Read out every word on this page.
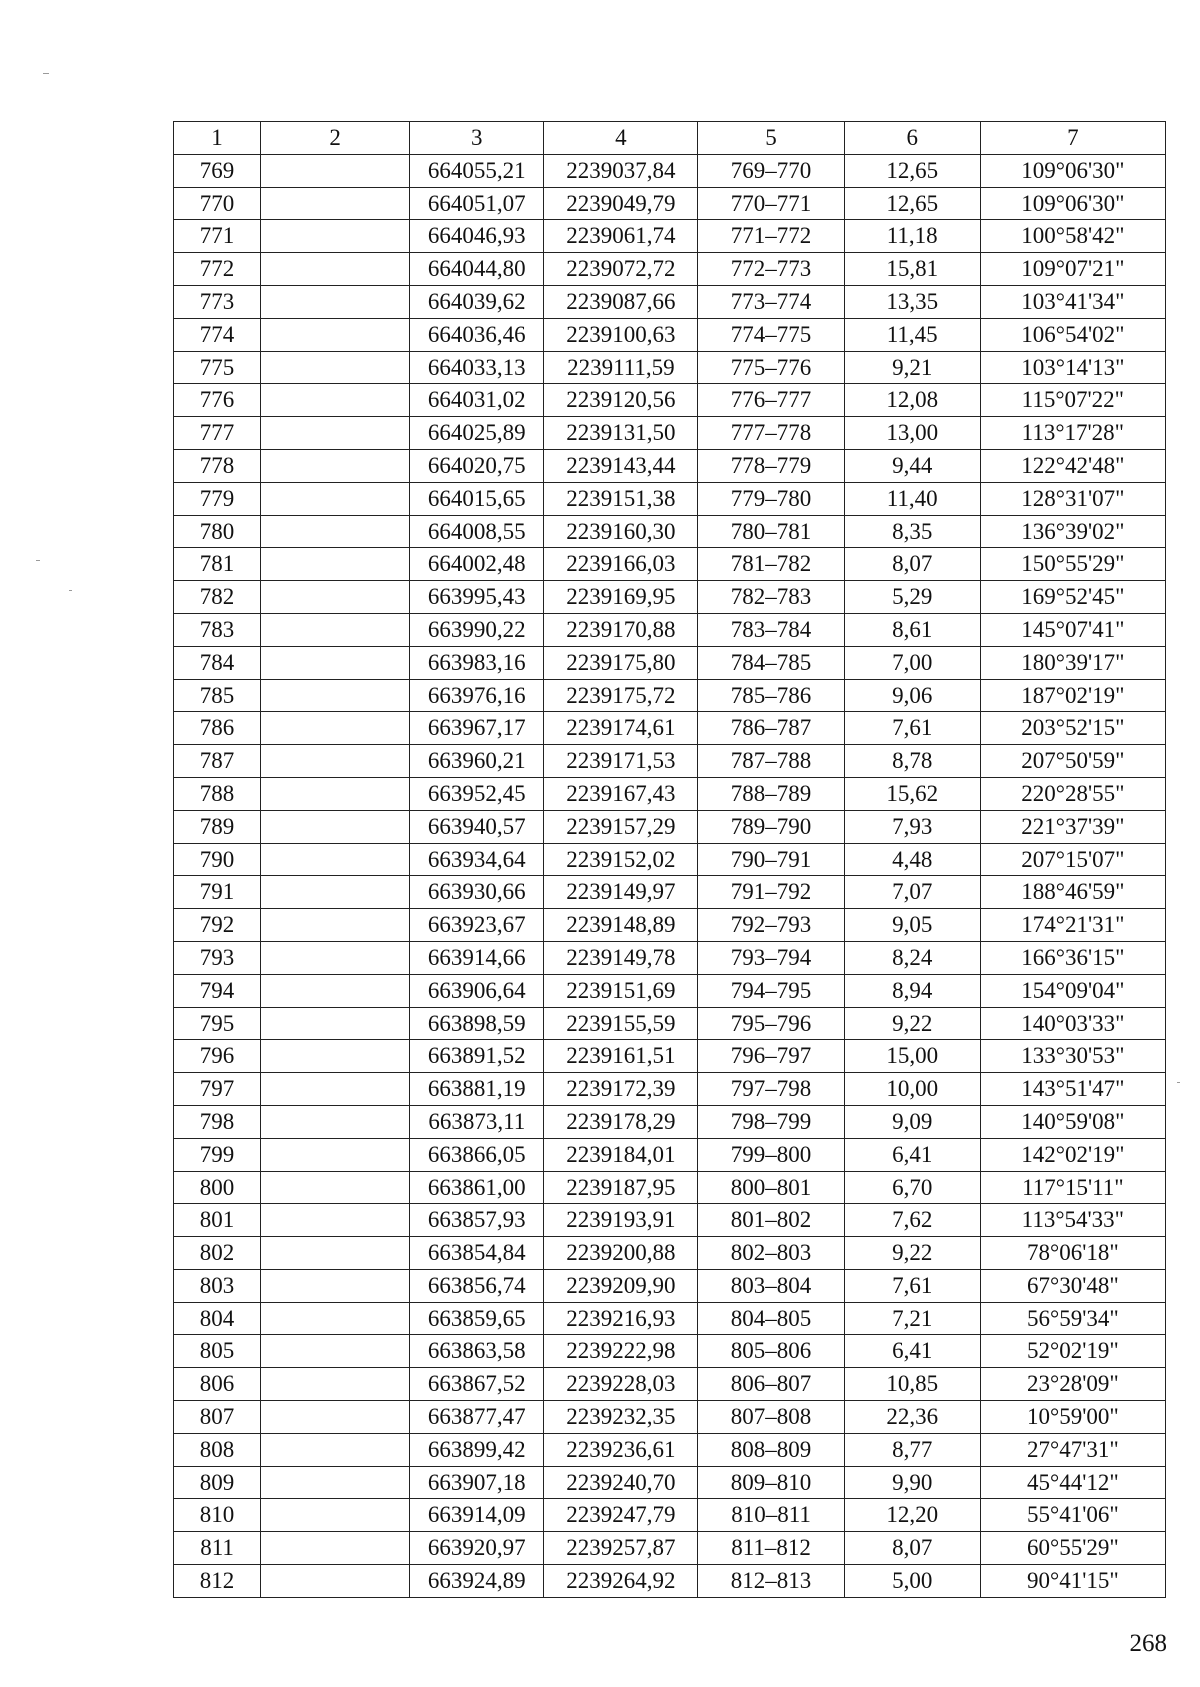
1	2	3	4	5	6	7
769		664055,21	2239037,84	769–770	12,65	109°06'30"
770		664051,07	2239049,79	770–771	12,65	109°06'30"
771		664046,93	2239061,74	771–772	11,18	100°58'42"
772		664044,80	2239072,72	772–773	15,81	109°07'21"
773		664039,62	2239087,66	773–774	13,35	103°41'34"
774		664036,46	2239100,63	774–775	11,45	106°54'02"
775		664033,13	2239111,59	775–776	9,21	103°14'13"
776		664031,02	2239120,56	776–777	12,08	115°07'22"
777		664025,89	2239131,50	777–778	13,00	113°17'28"
778		664020,75	2239143,44	778–779	9,44	122°42'48"
779		664015,65	2239151,38	779–780	11,40	128°31'07"
780		664008,55	2239160,30	780–781	8,35	136°39'02"
781		664002,48	2239166,03	781–782	8,07	150°55'29"
782		663995,43	2239169,95	782–783	5,29	169°52'45"
783		663990,22	2239170,88	783–784	8,61	145°07'41"
784		663983,16	2239175,80	784–785	7,00	180°39'17"
785		663976,16	2239175,72	785–786	9,06	187°02'19"
786		663967,17	2239174,61	786–787	7,61	203°52'15"
787		663960,21	2239171,53	787–788	8,78	207°50'59"
788		663952,45	2239167,43	788–789	15,62	220°28'55"
789		663940,57	2239157,29	789–790	7,93	221°37'39"
790		663934,64	2239152,02	790–791	4,48	207°15'07"
791		663930,66	2239149,97	791–792	7,07	188°46'59"
792		663923,67	2239148,89	792–793	9,05	174°21'31"
793		663914,66	2239149,78	793–794	8,24	166°36'15"
794		663906,64	2239151,69	794–795	8,94	154°09'04"
795		663898,59	2239155,59	795–796	9,22	140°03'33"
796		663891,52	2239161,51	796–797	15,00	133°30'53"
797		663881,19	2239172,39	797–798	10,00	143°51'47"
798		663873,11	2239178,29	798–799	9,09	140°59'08"
799		663866,05	2239184,01	799–800	6,41	142°02'19"
800		663861,00	2239187,95	800–801	6,70	117°15'11"
801		663857,93	2239193,91	801–802	7,62	113°54'33"
802		663854,84	2239200,88	802–803	9,22	78°06'18"
803		663856,74	2239209,90	803–804	7,61	67°30'48"
804		663859,65	2239216,93	804–805	7,21	56°59'34"
805		663863,58	2239222,98	805–806	6,41	52°02'19"
806		663867,52	2239228,03	806–807	10,85	23°28'09"
807		663877,47	2239232,35	807–808	22,36	10°59'00"
808		663899,42	2239236,61	808–809	8,77	27°47'31"
809		663907,18	2239240,70	809–810	9,90	45°44'12"
810		663914,09	2239247,79	810–811	12,20	55°41'06"
811		663920,97	2239257,87	811–812	8,07	60°55'29"
812		663924,89	2239264,92	812–813	5,00	90°41'15"
268
